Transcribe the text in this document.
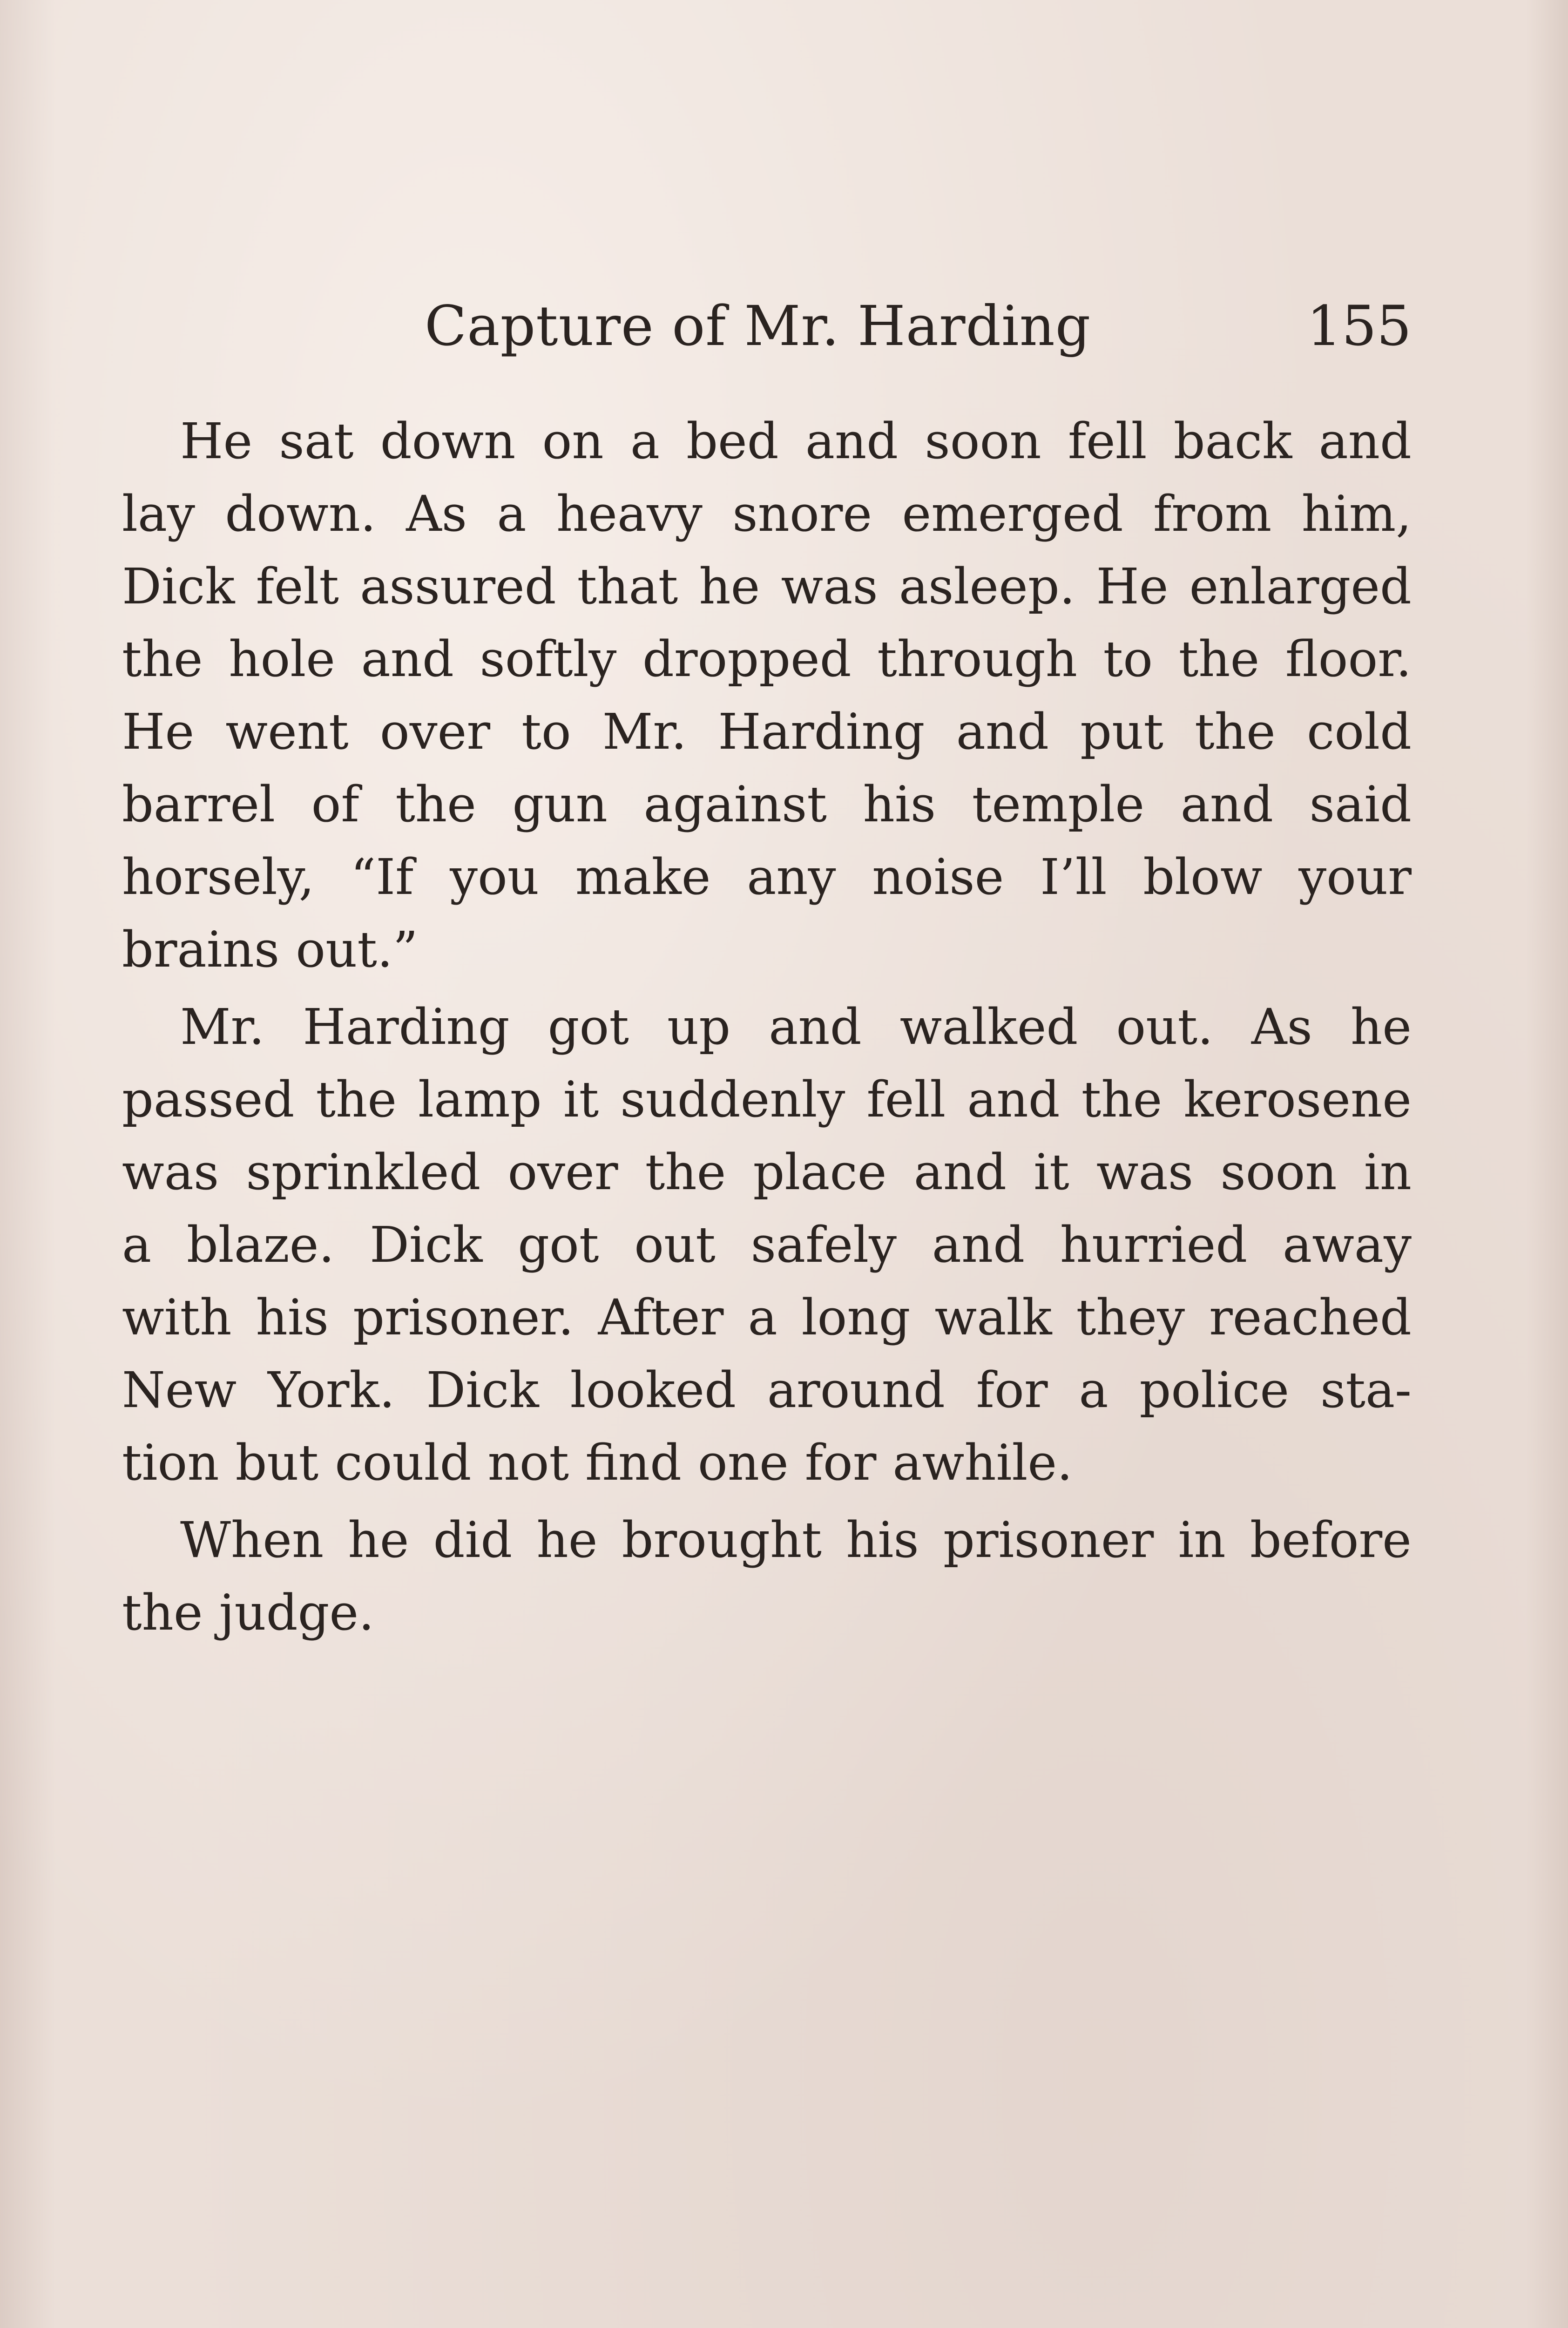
Capture of Mr. Harding	155
He sat down on a bed and soon fell back and
lay down. As a heavy snore emerged from him,
Dick felt assured that he was asleep. He enlarged
the hole and softly dropped through to the floor.
He went over to Mr. Harding and put the cold
barrel of the gun against his temple and said
horsely, “If you make any noise I’ll blow your
brains out.”
Mr. Harding got up and walked out. As he
passed the lamp it suddenly fell and the kerosene
was sprinkled over the place and it was soon in
a blaze. Dick got out safely and hurried away
with his prisoner. After a long walk they reached
New York. Dick looked around for a police sta-
tion but could not find one for awhile.
When he did he brought his prisoner in before
the judge.
